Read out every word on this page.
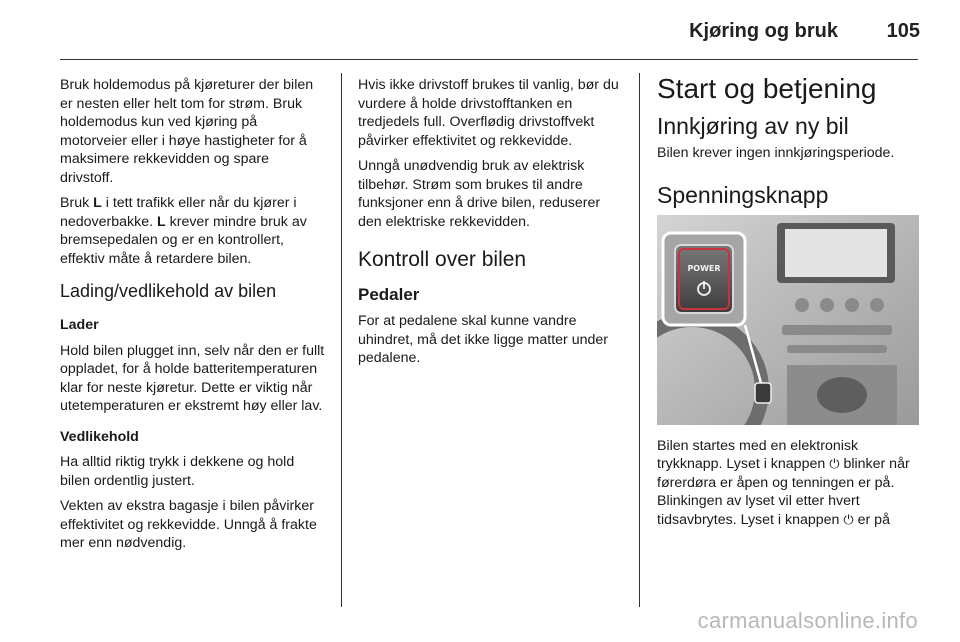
Kjøring og bruk 105

Bruk holdemodus på kjøreturer der bilen er nesten eller helt tom for strøm. Bruk holdemodus kun ved kjøring på motorveier eller i høye hastigheter for å maksimere rekkevidden og spare drivstoff.

Bruk L i tett trafikk eller når du kjører i nedoverbakke. L krever mindre bruk av bremsepedalen og er en kontrollert, effektiv måte å retardere bilen.

Lading/vedlikehold av bilen

Lader

Hold bilen plugget inn, selv når den er fullt oppladet, for å holde batteritemperaturen klar for neste kjøretur. Dette er viktig når utetemperaturen er ekstremt høy eller lav.

Vedlikehold

Ha alltid riktig trykk i dekkene og hold bilen ordentlig justert.

Vekten av ekstra bagasje i bilen påvirker effektivitet og rekkevidde. Unngå å frakte mer enn nødvendig.

Hvis ikke drivstoff brukes til vanlig, bør du vurdere å holde drivstofftanken en tredjedels full. Overflødig drivstoffvekt påvirker effektivitet og rekkevidde.

Unngå unødvendig bruk av elektrisk tilbehør. Strøm som brukes til andre funksjoner enn å drive bilen, reduserer den elektriske rekkevidden.

Kontroll over bilen

Pedaler

For at pedalene skal kunne vandre uhindret, må det ikke ligge matter under pedalene.

Start og betjening
Innkjøring av ny bil

Bilen krever ingen innkjøringsperiode.

Spenningsknapp
POWER

Bilen startes med en elektronisk trykknapp. Lyset i knappen ⏻ blinker når førerdøra er åpen og tenningen er på. Blinkingen av lyset vil etter hvert tidsavbrytes. Lyset i knappen ⏻ er på

carmanualsonline.info
